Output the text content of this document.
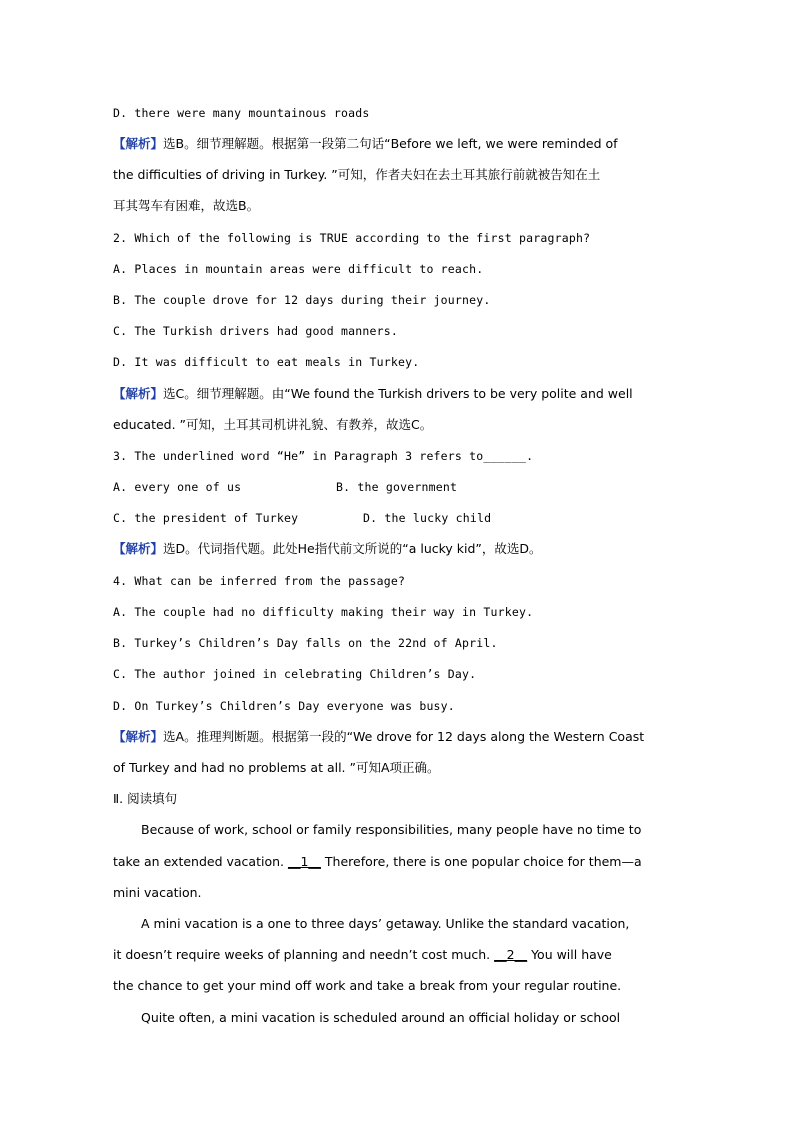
D. there were many mountainous roads
【解析】选B。细节理解题。根据第一段第二句话“Before we left, we were reminded of
the difficulties of driving in Turkey. ”可知，作者夫妇在去土耳其旅行前就被告知在土
耳其驾车有困难，故选B。
2. Which of the following is TRUE according to the first paragraph?
A. Places in mountain areas were difficult to reach.
B. The couple drove for 12 days during their journey.
C. The Turkish drivers had good manners.
D. It was difficult to eat meals in Turkey.
【解析】选C。细节理解题。由“We found the Turkish drivers to be very polite and well
educated. ”可知，土耳其司机讲礼貌、有教养，故选C。
3. The underlined word “He” in Paragraph 3 refers to______.
A. every one of us	B. the government
C. the president of Turkey	D. the lucky child
【解析】选D。代词指代题。此处He指代前文所说的“a lucky kid”，故选D。
4. What can be inferred from the passage?
A. The couple had no difficulty making their way in Turkey.
B. Turkey’s Children’s Day falls on the 22nd of April.
C. The author joined in celebrating Children’s Day.
D. On Turkey’s Children’s Day everyone was busy.
【解析】选A。推理判断题。根据第一段的“We drove for 12 days along the Western Coast
of Turkey and had no problems at all. ”可知A项正确。
Ⅱ. 阅读填句
Because of work, school or family responsibilities, many people have no time to
take an extended vacation. __1__ Therefore, there is one popular choice for them—a
mini vacation.
A mini vacation is a one to three days’ getaway. Unlike the standard vacation,
it doesn’t require weeks of planning and needn’t cost much. __2__ You will have
the chance to get your mind off work and take a break from your regular routine.
Quite often, a mini vacation is scheduled around an official holiday or school
